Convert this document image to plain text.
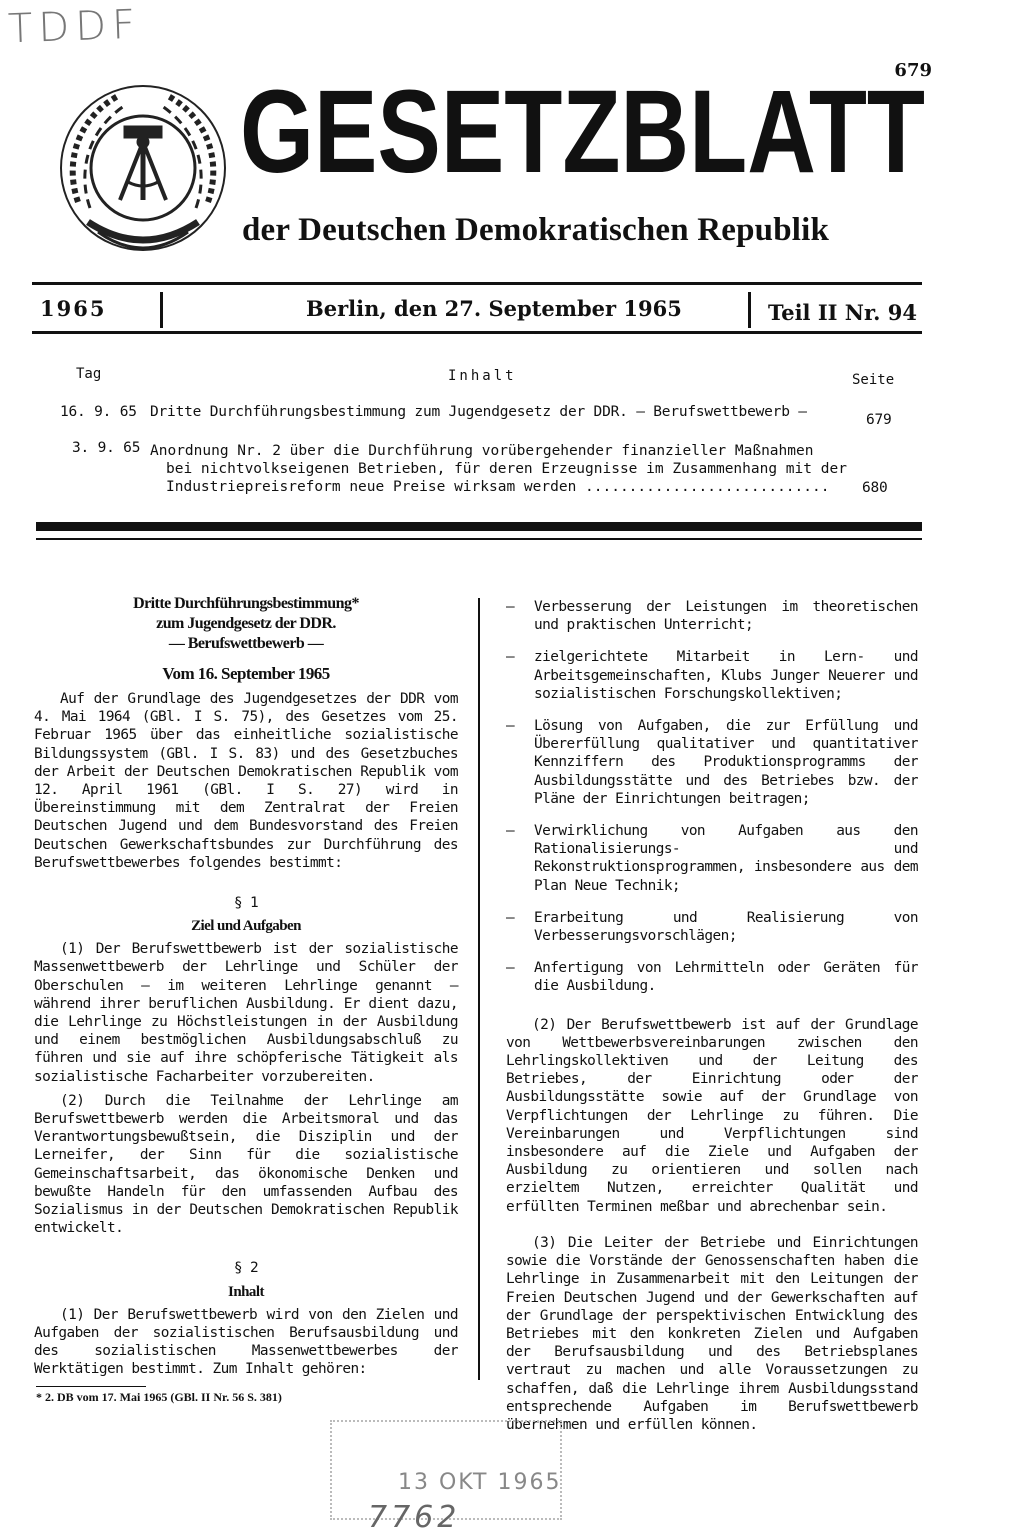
TDDF
679
GESETZBLATT
der Deutschen Demokratischen Republik
1965	Berlin, den 27. September 1965	Teil II Nr. 94
Tag	Inhalt	Seite
16. 9. 65 Dritte Durchführungsbestimmung zum Jugendgesetz der DDR. — Berufswettbewerb —	679
3. 9. 65 Anordnung Nr. 2 über die Durchführung vorübergehender finanzieller Maßnahmen
bei nichtvolkseigenen Betrieben, für deren Erzeugnisse im Zusammenhang mit der
Industriepreisreform neue Preise wirksam werden ............................ 680
Dritte Durchführungsbestimmung*
zum Jugendgesetz der DDR.
— Berufswettbewerb —
Vom 16. September 1965

Auf der Grundlage des Jugendgesetzes der DDR vom 4. Mai 1964 (GBl. I S. 75), des Gesetzes vom 25. Februar 1965 über das einheitliche sozialistische Bildungssystem (GBl. I S. 83) und des Gesetzbuches der Arbeit der Deutschen Demokratischen Republik vom 12. April 1961 (GBl. I S. 27) wird in Übereinstimmung mit dem Zentralrat der Freien Deutschen Jugend und dem Bundesvorstand des Freien Deutschen Gewerkschaftsbundes zur Durchführung des Berufswettbewerbes folgendes bestimmt:

§ 1
Ziel und Aufgaben

(1) Der Berufswettbewerb ist der sozialistische Massenwettbewerb der Lehrlinge und Schüler der Oberschulen — im weiteren Lehrlinge genannt — während ihrer beruflichen Ausbildung. Er dient dazu, die Lehrlinge zu Höchstleistungen in der Ausbildung und einem bestmöglichen Ausbildungsabschluß zu führen und sie auf ihre schöpferische Tätigkeit als sozialistische Facharbeiter vorzubereiten.

(2) Durch die Teilnahme der Lehrlinge am Berufswettbewerb werden die Arbeitsmoral und das Verantwortungsbewußtsein, die Disziplin und der Lerneifer, der Sinn für die sozialistische Gemeinschaftsarbeit, das ökonomische Denken und bewußte Handeln für den umfassenden Aufbau des Sozialismus in der Deutschen Demokratischen Republik entwickelt.

§ 2
Inhalt

(1) Der Berufswettbewerb wird von den Zielen und Aufgaben der sozialistischen Berufsausbildung und des sozialistischen Massenwettbewerbes der Werktätigen bestimmt. Zum Inhalt gehören:

* 2. DB vom 17. Mai 1965 (GBl. II Nr. 56 S. 381)
— Verbesserung der Leistungen im theoretischen und praktischen Unterricht;

— zielgerichtete Mitarbeit in Lern- und Arbeitsgemeinschaften, Klubs Junger Neuerer und sozialistischen Forschungskollektiven;

— Lösung von Aufgaben, die zur Erfüllung und Übererfüllung qualitativer und quantitativer Kennziffern des Produktionsprogramms der Ausbildungsstätte und des Betriebes bzw. der Pläne der Einrichtungen beitragen;

— Verwirklichung von Aufgaben aus den Rationalisierungs- und Rekonstruktionsprogrammen, insbesondere aus dem Plan Neue Technik;

— Erarbeitung und Realisierung von Verbesserungsvorschlägen;

— Anfertigung von Lehrmitteln oder Geräten für die Ausbildung.

(2) Der Berufswettbewerb ist auf der Grundlage von Wettbewerbsvereinbarungen zwischen den Lehrlingskollektiven und der Leitung des Betriebes, der Einrichtung oder der Ausbildungsstätte sowie auf der Grundlage von Verpflichtungen der Lehrlinge zu führen. Die Vereinbarungen und Verpflichtungen sind insbesondere auf die Ziele und Aufgaben der Ausbildung zu orientieren und sollen nach erzieltem Nutzen, erreichter Qualität und erfüllten Terminen meßbar und abrechenbar sein.

(3) Die Leiter der Betriebe und Einrichtungen sowie die Vorstände der Genossenschaften haben die Lehrlinge in Zusammenarbeit mit den Leitungen der Freien Deutschen Jugend und der Gewerkschaften auf der Grundlage der perspektivischen Entwicklung des Betriebes mit den konkreten Zielen und Aufgaben der Berufsausbildung und des Betriebsplanes vertraut zu machen und alle Voraussetzungen zu schaffen, daß die Lehrlinge ihrem Ausbildungsstand entsprechende Aufgaben im Berufswettbewerb übernehmen und erfüllen können.

13 OKT 1965
7762
